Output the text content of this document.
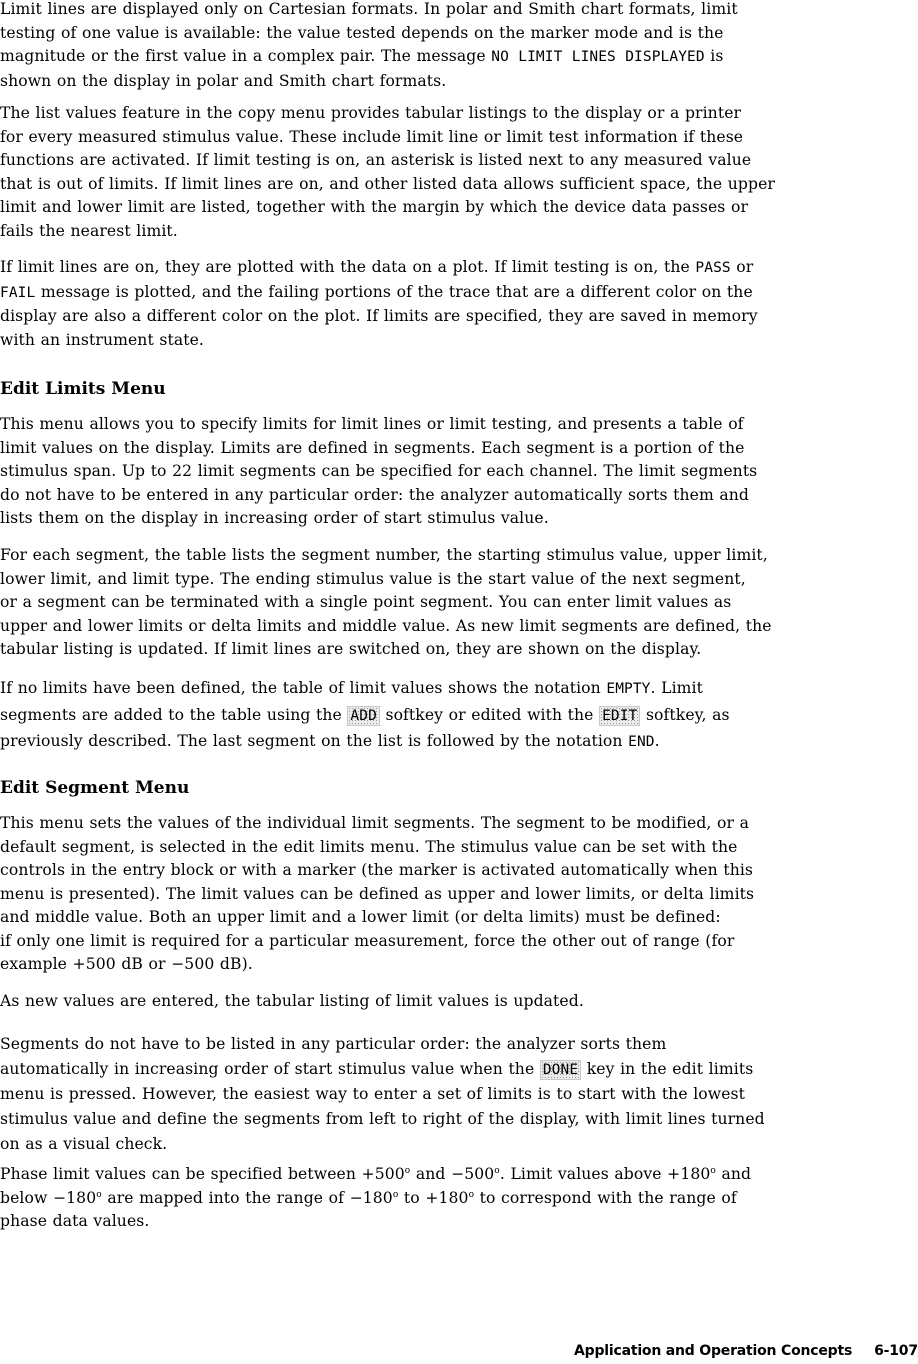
Limit lines are displayed only on Cartesian formats. In polar and Smith chart formats, limit
testing of one value is available: the value tested depends on the marker mode and is the
magnitude or the first value in a complex pair. The message NO LIMIT LINES DISPLAYED is
shown on the display in polar and Smith chart formats.

The list values feature in the copy menu provides tabular listings to the display or a printer
for every measured stimulus value. These include limit line or limit test information if these
functions are activated. If limit testing is on, an asterisk is listed next to any measured value
that is out of limits. If limit lines are on, and other listed data allows sufficient space, the upper
limit and lower limit are listed, together with the margin by which the device data passes or
fails the nearest limit.

If limit lines are on, they are plotted with the data on a plot. If limit testing is on, the PASS or
FAIL message is plotted, and the failing portions of the trace that are a different color on the
display are also a different color on the plot. If limits are specified, they are saved in memory
with an instrument state.

Edit Limits Menu

This menu allows you to specify limits for limit lines or limit testing, and presents a table of
limit values on the display. Limits are defined in segments. Each segment is a portion of the
stimulus span. Up to 22 limit segments can be specified for each channel. The limit segments
do not have to be entered in any particular order: the analyzer automatically sorts them and
lists them on the display in increasing order of start stimulus value.

For each segment, the table lists the segment number, the starting stimulus value, upper limit,
lower limit, and limit type. The ending stimulus value is the start value of the next segment,
or a segment can be terminated with a single point segment. You can enter limit values as
upper and lower limits or delta limits and middle value. As new limit segments are defined, the
tabular listing is updated. If limit lines are switched on, they are shown on the display.

If no limits have been defined, the table of limit values shows the notation EMPTY. Limit
segments are added to the table using the ADD softkey or edited with the EDIT softkey, as
previously described. The last segment on the list is followed by the notation END.

Edit Segment Menu

This menu sets the values of the individual limit segments. The segment to be modified, or a
default segment, is selected in the edit limits menu. The stimulus value can be set with the
controls in the entry block or with a marker (the marker is activated automatically when this
menu is presented). The limit values can be defined as upper and lower limits, or delta limits
and middle value. Both an upper limit and a lower limit (or delta limits) must be defined:
if only one limit is required for a particular measurement, force the other out of range (for
example +500 dB or −500 dB).

As new values are entered, the tabular listing of limit values is updated.

Segments do not have to be listed in any particular order: the analyzer sorts them
automatically in increasing order of start stimulus value when the DONE key in the edit limits
menu is pressed. However, the easiest way to enter a set of limits is to start with the lowest
stimulus value and define the segments from left to right of the display, with limit lines turned
on as a visual check.

Phase limit values can be specified between $+500^o$ and $-500^o$. Limit values above $+180^o$ and
below $-180^o$ are mapped into the range of $-180^o$ to $+180^o$ to correspond with the range of
phase data values.

Application and Operation Concepts 6-107
